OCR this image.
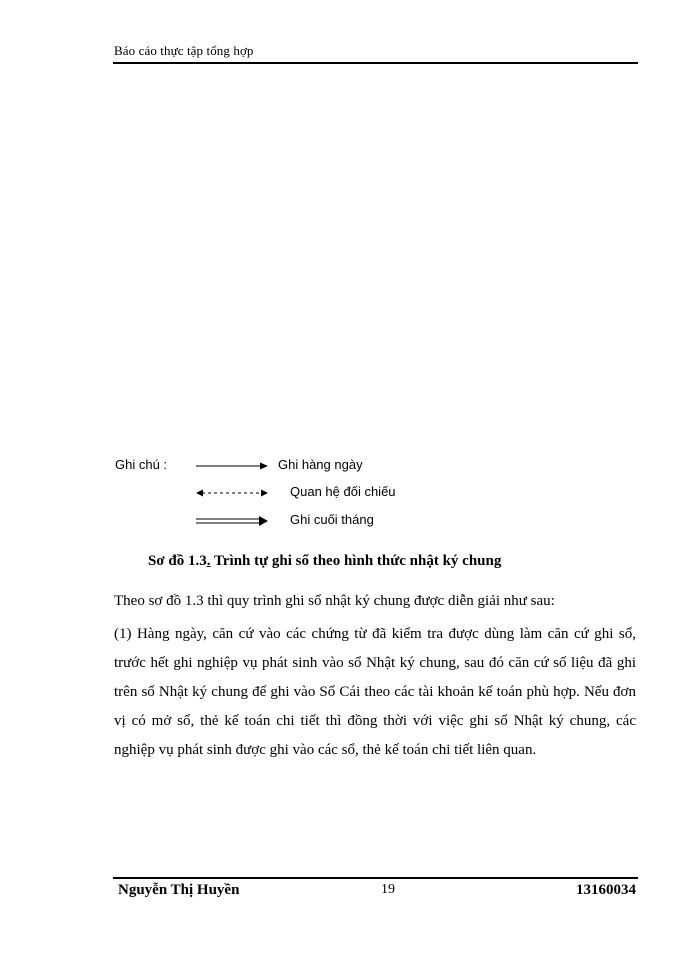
Báo cáo thực tập tổng hợp
Ghi chú :	Ghi hàng ngày
Quan hệ đối chiếu
Ghi cuối tháng
Sơ đồ 1.3. Trình tự ghi sổ theo hình thức nhật ký chung
Theo sơ đồ 1.3 thì quy trình ghi sổ nhật ký chung được diễn giải như sau:

(1) Hàng ngày, căn cứ vào các chứng từ đã kiểm tra được dùng làm căn cứ ghi sổ, trước hết ghi nghiệp vụ phát sinh vào sổ Nhật ký chung, sau đó căn cứ số liệu đã ghi trên sổ Nhật ký chung để ghi vào Sổ Cái theo các tài khoản kế toán phù hợp. Nếu đơn vị có mở sổ, thẻ kế toán chi tiết thì đồng thời với việc ghi sổ Nhật ký chung, các nghiệp vụ phát sinh được ghi vào các sổ, thẻ kế toán chi tiết liên quan.

Nguyễn Thị Huyền	19	13160034
